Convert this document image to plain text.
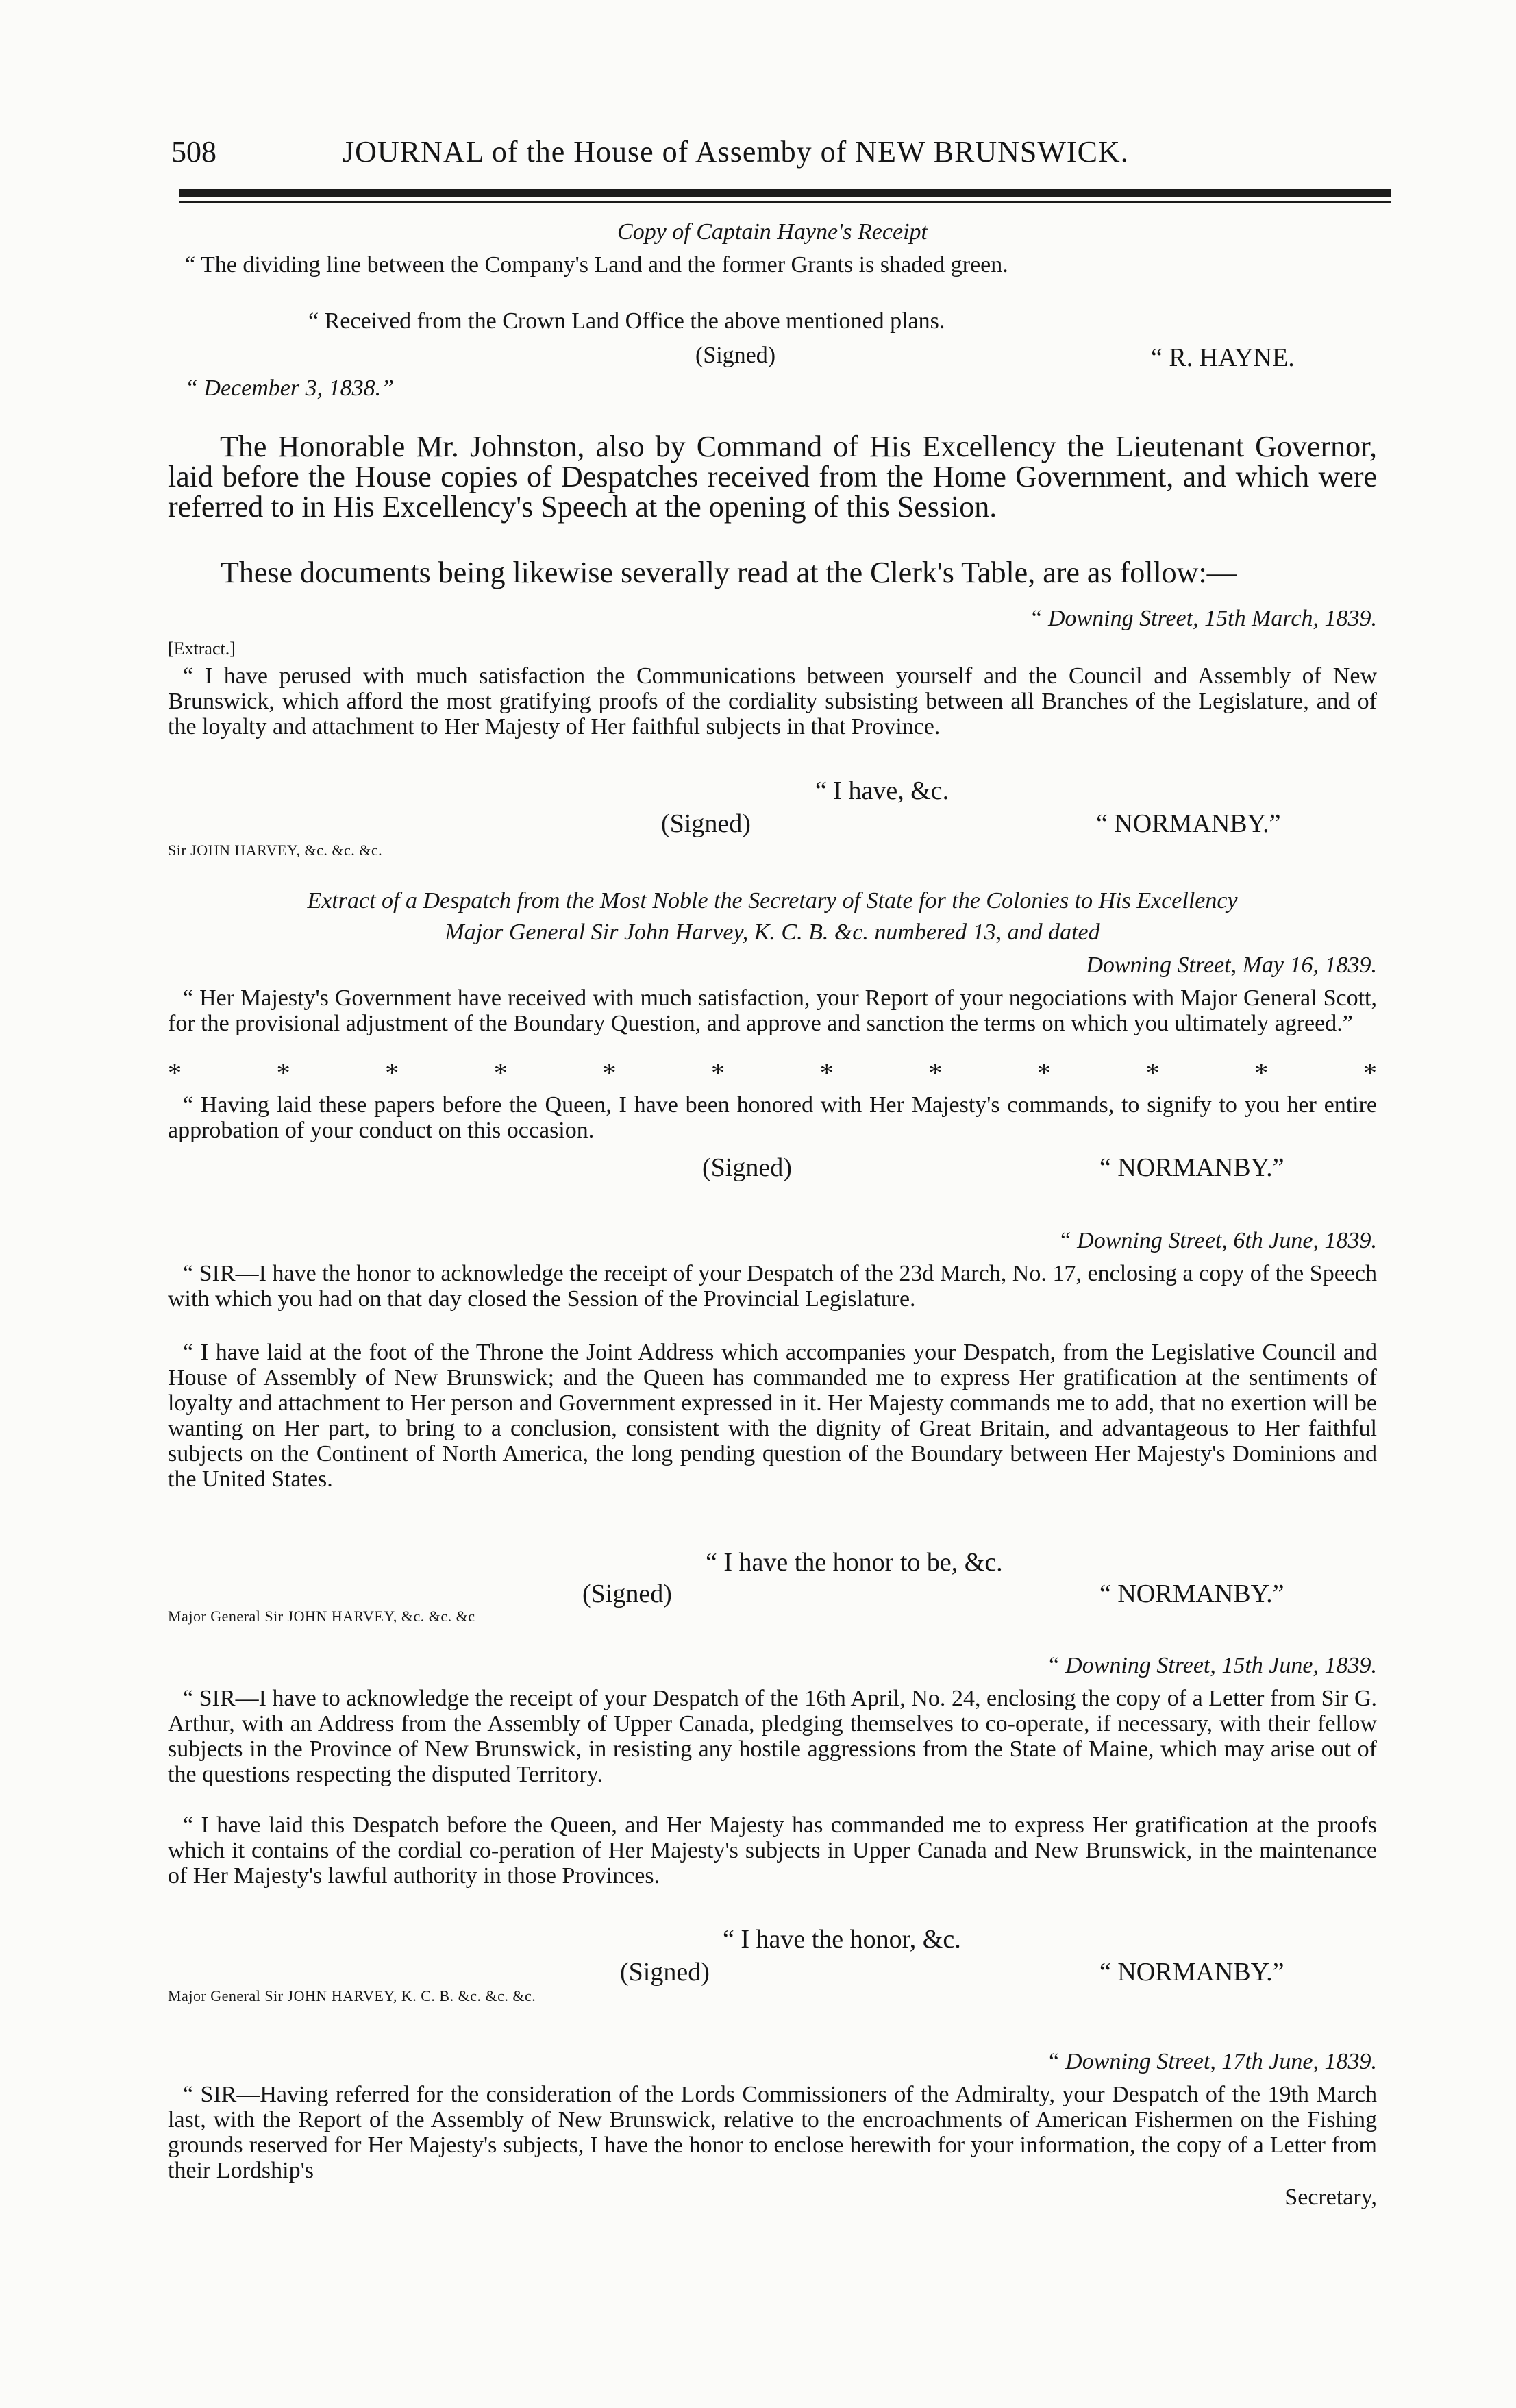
508	JOURNAL of the House of Assemby of NEW BRUNSWICK.
Copy of Captain Hayne's Receipt
“ The dividing line between the Company's Land and the former Grants is shaded green.
“ Received from the Crown Land Office the above mentioned plans.
(Signed)	“ R. HAYNE.
“ December 3, 1838.”
The Honorable Mr. Johnston, also by Command of His Excellency the Lieutenant Governor, laid before the House copies of Despatches received from the Home Government, and which were referred to in His Excellency's Speech at the opening of this Session.
These documents being likewise severally read at the Clerk's Table, are as follow:—
“ Downing Street, 15th March, 1839.
[Extract.]
“ I have perused with much satisfaction the Communications between yourself and the Council and Assembly of New Brunswick, which afford the most gratifying proofs of the cordiality subsisting between all Branches of the Legislature, and of the loyalty and attachment to Her Majesty of Her faithful subjects in that Province.
“ I have, &c.
(Signed)	“ NORMANBY.”
Sir JOHN HARVEY, &c. &c. &c.
Extract of a Despatch from the Most Noble the Secretary of State for the Colonies to His Excellency
Major General Sir John Harvey, K. C. B. &c. numbered 13, and dated
Downing Street, May 16, 1839.
“ Her Majesty's Government have received with much satisfaction, your Report of your negociations with Major General Scott, for the provisional adjustment of the Boundary Question, and approve and sanction the terms on which you ultimately agreed.”
*	*	*	*	*	*	*	*	*	*	*	*
“ Having laid these papers before the Queen, I have been honored with Her Majesty's commands, to signify to you her entire approbation of your conduct on this occasion.
(Signed)	“ NORMANBY.”
“ Downing Street, 6th June, 1839.
“ SIR—I have the honor to acknowledge the receipt of your Despatch of the 23d March, No. 17, enclosing a copy of the Speech with which you had on that day closed the Session of the Provincial Legislature.
“ I have laid at the foot of the Throne the Joint Address which accompanies your Despatch, from the Legislative Council and House of Assembly of New Brunswick; and the Queen has commanded me to express Her gratification at the sentiments of loyalty and attachment to Her person and Government expressed in it. Her Majesty commands me to add, that no exertion will be wanting on Her part, to bring to a conclusion, consistent with the dignity of Great Britain, and advantageous to Her faithful subjects on the Continent of North America, the long pending question of the Boundary between Her Majesty's Dominions and the United States.
“ I have the honor to be, &c.
(Signed)	“ NORMANBY.”
Major General Sir JOHN HARVEY, &c. &c. &c
“ Downing Street, 15th June, 1839.
“ SIR—I have to acknowledge the receipt of your Despatch of the 16th April, No. 24, enclosing the copy of a Letter from Sir G. Arthur, with an Address from the Assembly of Upper Canada, pledging themselves to co-operate, if necessary, with their fellow subjects in the Province of New Brunswick, in resisting any hostile aggressions from the State of Maine, which may arise out of the questions respecting the disputed Territory.
“ I have laid this Despatch before the Queen, and Her Majesty has commanded me to express Her gratification at the proofs which it contains of the cordial co-peration of Her Majesty's subjects in Upper Canada and New Brunswick, in the maintenance of Her Majesty's lawful authority in those Provinces.
“ I have the honor, &c.
(Signed)	“ NORMANBY.”
Major General Sir JOHN HARVEY, K. C. B. &c. &c. &c.
“ Downing Street, 17th June, 1839.
“ SIR—Having referred for the consideration of the Lords Commissioners of the Admiralty, your Despatch of the 19th March last, with the Report of the Assembly of New Brunswick, relative to the encroachments of American Fishermen on the Fishing grounds reserved for Her Majesty's subjects, I have the honor to enclose herewith for your information, the copy of a Letter from their Lordship's
Secretary,
